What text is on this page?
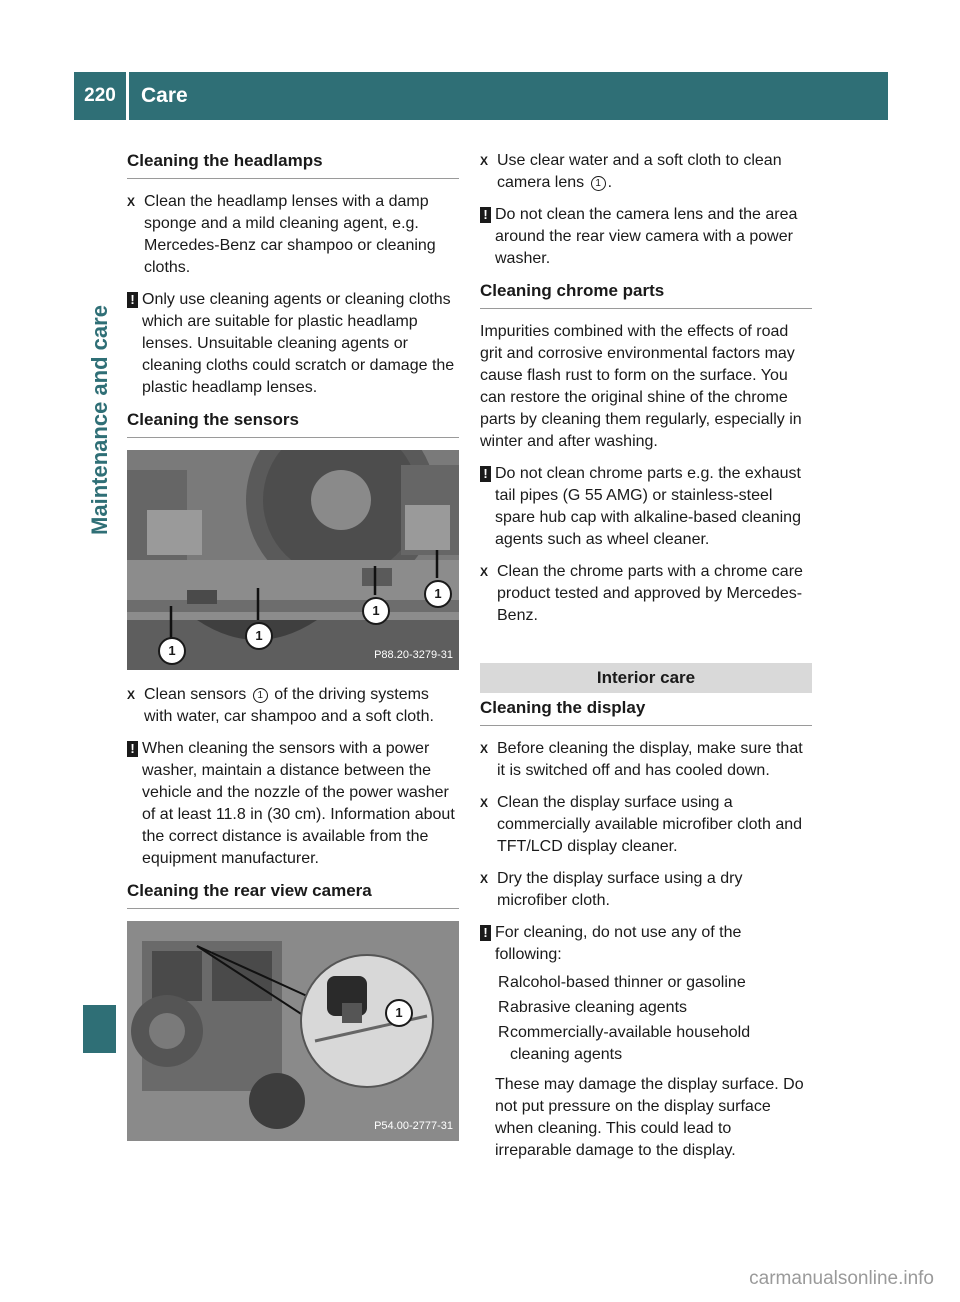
220	Care
Maintenance and care
Cleaning the headlamps
X Clean the headlamp lenses with a damp sponge and a mild cleaning agent, e.g. Mercedes-Benz car shampoo or cleaning cloths.
! Only use cleaning agents or cleaning cloths which are suitable for plastic headlamp lenses. Unsuitable cleaning agents or cleaning cloths could scratch or damage the plastic headlamp lenses.
Cleaning the sensors
1
1
1
1
P88.20-3279-31
X Clean sensors 1 of the driving systems with water, car shampoo and a soft cloth.
! When cleaning the sensors with a power washer, maintain a distance between the vehicle and the nozzle of the power washer of at least 11.8 in (30 cm). Information about the correct distance is available from the equipment manufacturer.
Cleaning the rear view camera
1
P54.00-2777-31
X Use clear water and a soft cloth to clean camera lens 1 .
! Do not clean the camera lens and the area around the rear view camera with a power washer.
Cleaning chrome parts
Impurities combined with the effects of road grit and corrosive environmental factors may cause flash rust to form on the surface. You can restore the original shine of the chrome parts by cleaning them regularly, especially in winter and after washing.
! Do not clean chrome parts e.g. the exhaust tail pipes (G 55 AMG) or stainless-steel spare hub cap with alkaline-based cleaning agents such as wheel cleaner.
X Clean the chrome parts with a chrome care product tested and approved by Mercedes-Benz.
Interior care
Cleaning the display
X Before cleaning the display, make sure that it is switched off and has cooled down.
X Clean the display surface using a commercially available microfiber cloth and TFT/LCD display cleaner.
X Dry the display surface using a dry microfiber cloth.
! For cleaning, do not use any of the following:
R alcohol-based thinner or gasoline
R abrasive cleaning agents
R commercially-available household cleaning agents
These may damage the display surface. Do not put pressure on the display surface when cleaning. This could lead to irreparable damage to the display.
carmanualsonline.info
